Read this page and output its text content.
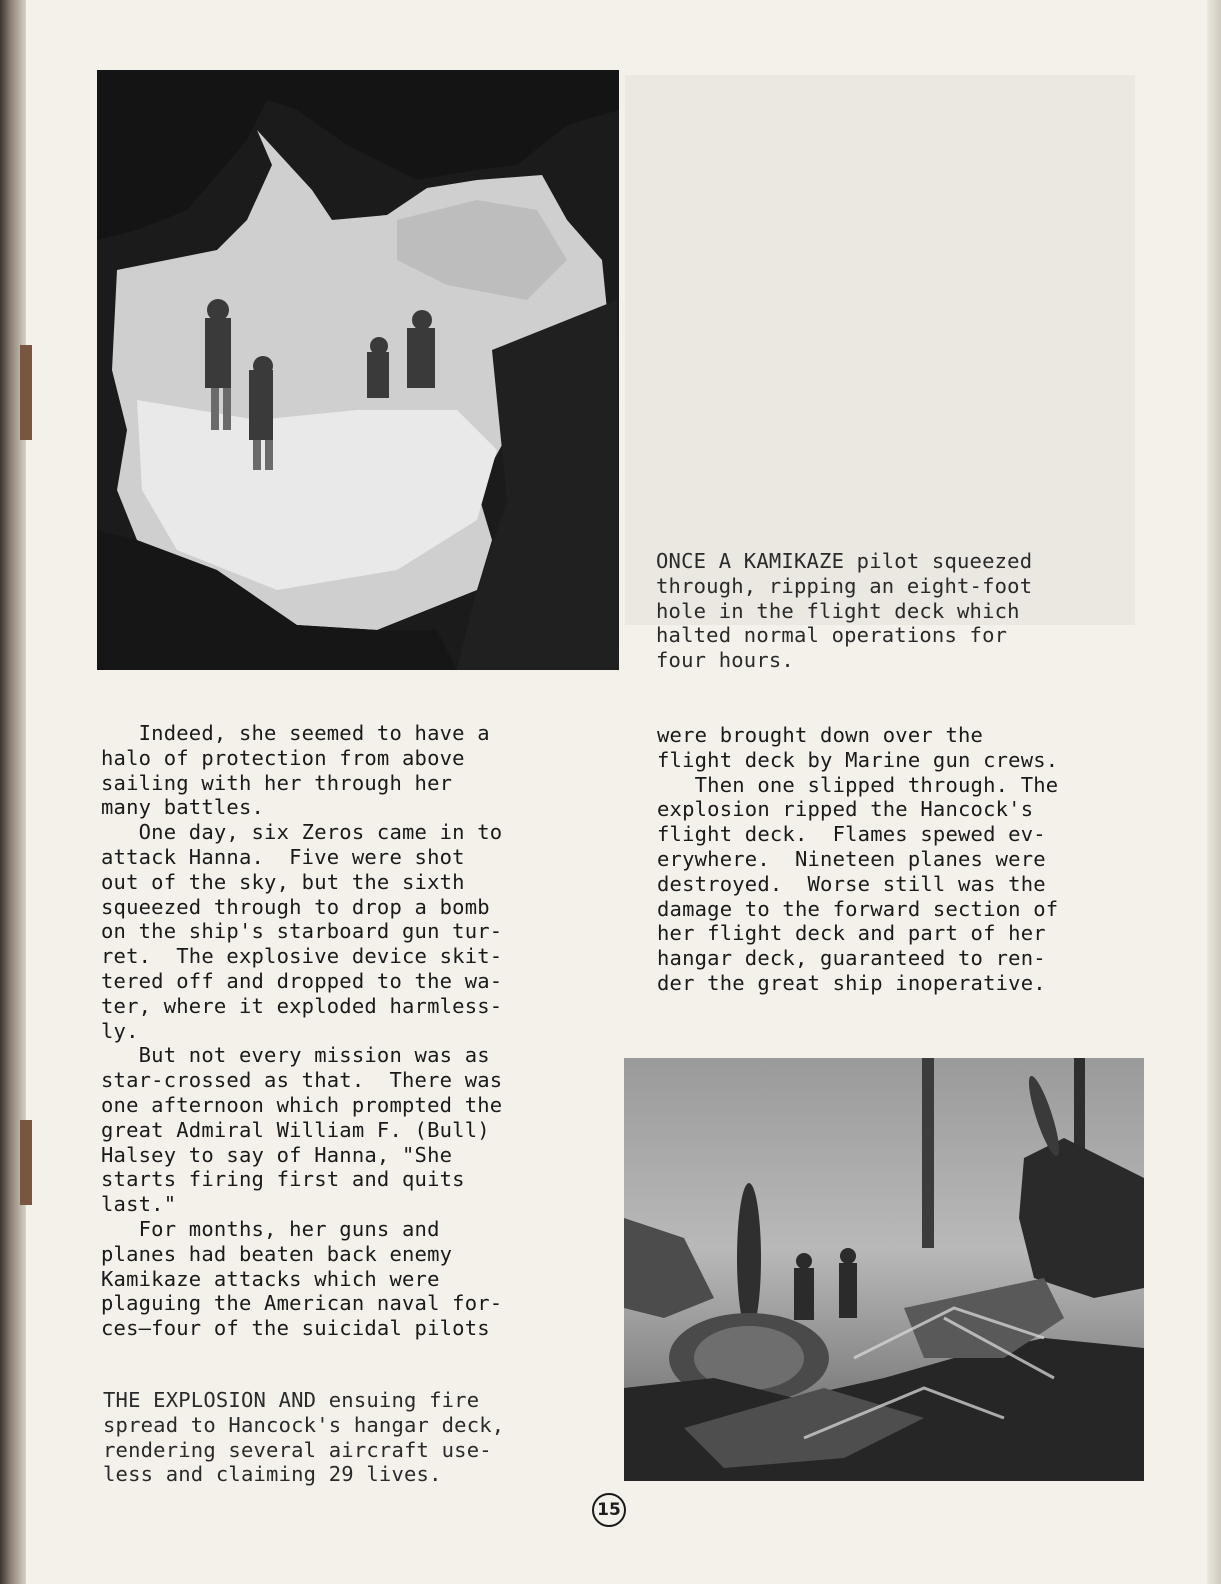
ONCE A KAMIKAZE pilot squeezed
through, ripping an eight-foot
hole in the flight deck which
halted normal operations for
four hours.
Indeed, she seemed to have a
halo of protection from above
sailing with her through her
many battles.
One day, six Zeros came in to
attack Hanna.  Five were shot
out of the sky, but the sixth
squeezed through to drop a bomb
on the ship's starboard gun tur-
ret.  The explosive device skit-
tered off and dropped to the wa-
ter, where it exploded harmless-
ly.
But not every mission was as
star-crossed as that.  There was
one afternoon which prompted the
great Admiral William F. (Bull)
Halsey to say of Hanna, "She
starts firing first and quits
last."
For months, her guns and
planes had beaten back enemy
Kamikaze attacks which were
plaguing the American naval for-
ces—four of the suicidal pilots
were brought down over the
flight deck by Marine gun crews.
Then one slipped through. The
explosion ripped the Hancock's
flight deck.  Flames spewed ev-
erywhere.  Nineteen planes were
destroyed.  Worse still was the
damage to the forward section of
her flight deck and part of her
hangar deck, guaranteed to ren-
der the great ship inoperative.
THE EXPLOSION AND ensuing fire
spread to Hancock's hangar deck,
rendering several aircraft use-
less and claiming 29 lives.
15
